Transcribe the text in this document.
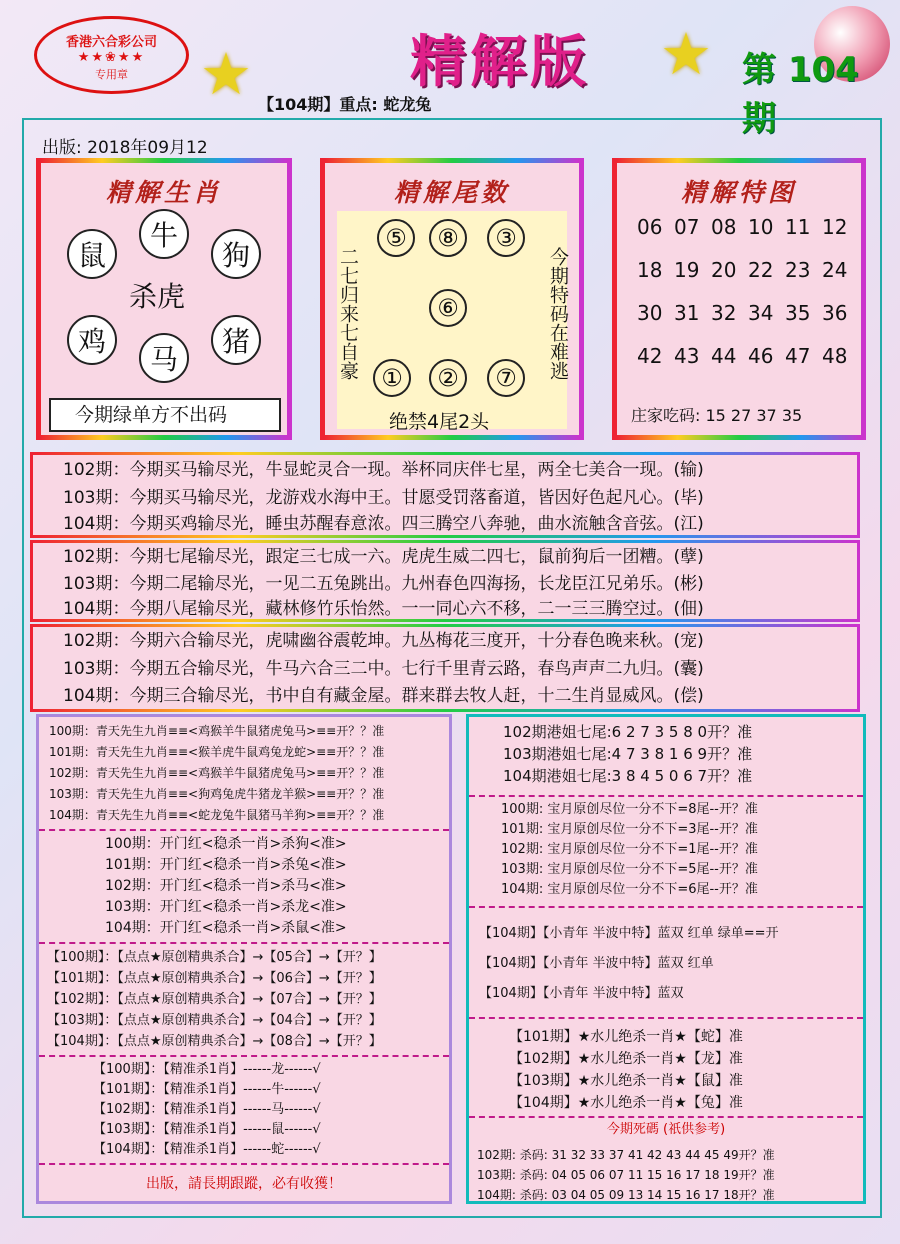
香港六合彩公司
★★❀★★
专用章	★	★
精解版	第 104 期
【104期】重点: 蛇龙兔
出版: 2018年09月12
精解生肖
鼠
牛
狗
杀虎
鸡
马
猪
今期绿单方不出码
精解尾数
⑤	⑧	③
⑥
①	②	⑦
二七归来七自豪	今期特码在难逃
绝禁4尾2头
精解特图
06 07 08 10 11 12
18 19 20 22 23 24
30 31 32 34 35 36
42 43 44 46 47 48
庄家吃码: 15 27 37 35
102期：今期买马输尽光，牛显蛇灵合一现。举杯同庆伴七星，两全七美合一现。(输)
103期：今期买马输尽光，龙游戏水海中王。甘愿受罚落畜道，皆因好色起凡心。(毕)
104期：今期买鸡输尽光，睡虫苏醒春意浓。四三腾空八奔驰，曲水流触含音弦。(江)
102期：今期七尾输尽光，跟定三七成一六。虎虎生威二四七，鼠前狗后一团糟。(孽)
103期：今期二尾输尽光，一见二五兔跳出。九州春色四海扬，长龙臣江兄弟乐。(彬)
104期：今期八尾输尽光，藏林修竹乐怡然。一一同心六不移，二一三三腾空过。(佃)
102期：今期六合输尽光，虎啸幽谷震乾坤。九丛梅花三度开，十分春色晚来秋。(宠)
103期：今期五合输尽光，牛马六合三二中。七行千里青云路，春鸟声声二九归。(囊)
104期：今期三合输尽光，书中自有藏金屋。群来群去牧人赶，十二生肖显威风。(偿)
100期：青天先生九肖≡≡<鸡猴羊牛鼠猪虎兔马>≡≡开？？准
101期：青天先生九肖≡≡<猴羊虎牛鼠鸡兔龙蛇>≡≡开？？准
102期：青天先生九肖≡≡<鸡猴羊牛鼠猪虎兔马>≡≡开？？准
103期：青天先生九肖≡≡<狗鸡兔虎牛猪龙羊猴>≡≡开？？准
104期：青天先生九肖≡≡<蛇龙兔牛鼠猪马羊狗>≡≡开？？准
100期：开门红<稳杀一肖>杀狗<准>
101期：开门红<稳杀一肖>杀兔<准>
102期：开门红<稳杀一肖>杀马<准>
103期：开门红<稳杀一肖>杀龙<准>
104期：开门红<稳杀一肖>杀鼠<准>
【100期】：【点点★原创精典杀合】→【05合】→【开？】
【101期】：【点点★原创精典杀合】→【06合】→【开？】
【102期】：【点点★原创精典杀合】→【07合】→【开？】
【103期】：【点点★原创精典杀合】→【04合】→【开？】
【104期】：【点点★原创精典杀合】→【08合】→【开？】
【100期】：【精准杀1肖】------龙------√
【101期】：【精准杀1肖】------牛------√
【102期】：【精准杀1肖】------马------√
【103期】：【精准杀1肖】------鼠------√
【104期】：【精准杀1肖】------蛇------√
出版，請長期跟蹤，必有收獲！
102期港姐七尾:6 2 7 3 5 8 0开？准
103期港姐七尾:4 7 3 8 1 6 9开？准
104期港姐七尾:3 8 4 5 0 6 7开？准
100期: 宝月原创尽位一分不下=8尾--开？准
101期: 宝月原创尽位一分不下=3尾--开？准
102期: 宝月原创尽位一分不下=1尾--开？准
103期: 宝月原创尽位一分不下=5尾--开？准
104期: 宝月原创尽位一分不下=6尾--开？准
【104期】【小青年 半波中特】蓝双 红单 绿单==开
【104期】【小青年 半波中特】蓝双 红单
【104期】【小青年 半波中特】蓝双
【101期】★水儿绝杀一肖★【蛇】准
【102期】★水儿绝杀一肖★【龙】准
【103期】★水儿绝杀一肖★【鼠】准
【104期】★水儿绝杀一肖★【兔】准
今期死碼 (祇供参考)
102期: 杀码: 31 32 33 37 41 42 43 44 45 49开？准
103期: 杀码: 04 05 06 07 11 15 16 17 18 19开？准
104期: 杀码: 03 04 05 09 13 14 15 16 17 18开？准
